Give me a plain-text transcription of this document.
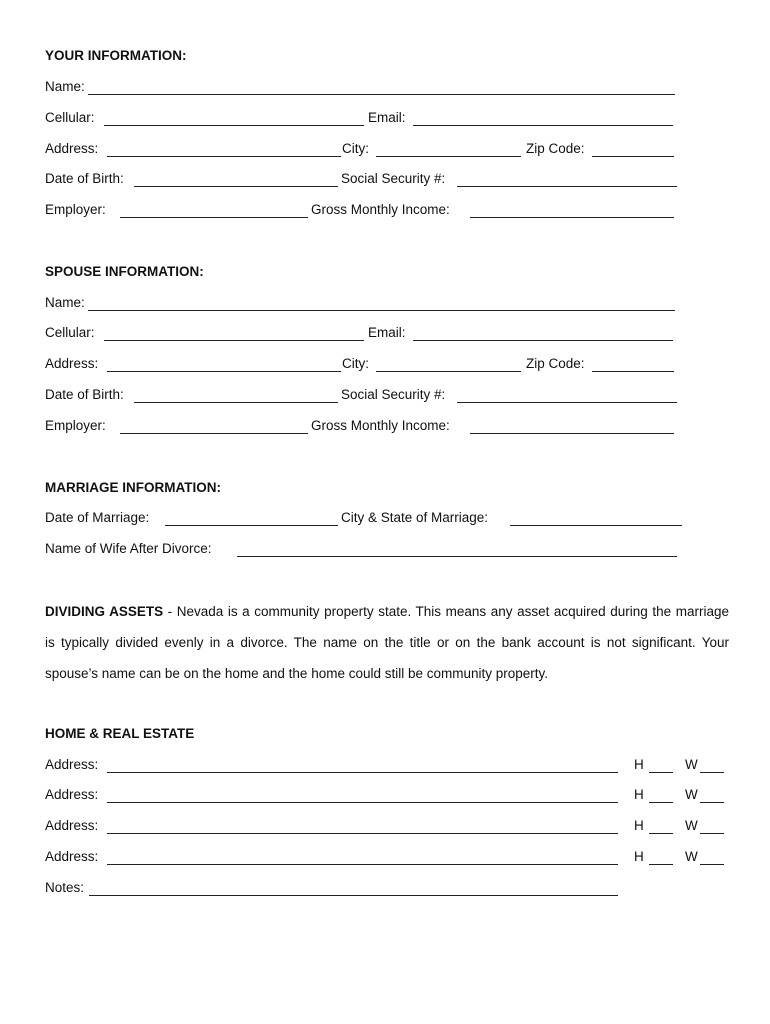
YOUR INFORMATION:
Name:
Cellular:	Email:
Address:	City:	Zip Code:
Date of Birth:	Social Security #:
Employer:	Gross Monthly Income:
SPOUSE INFORMATION:
Name:
Cellular:	Email:
Address:	City:	Zip Code:
Date of Birth:	Social Security #:
Employer:	Gross Monthly Income:
MARRIAGE INFORMATION:
Date of Marriage:	City & State of Marriage:
Name of Wife After Divorce:
DIVIDING ASSETS - Nevada is a community property state. This means any asset acquired during the marriage is typically divided evenly in a divorce. The name on the title or on the bank account is not significant. Your spouse’s name can be on the home and the home could still be community property.
HOME & REAL ESTATE
Address:	H	W
Address:	H	W
Address:	H	W
Address:	H	W
Notes:
